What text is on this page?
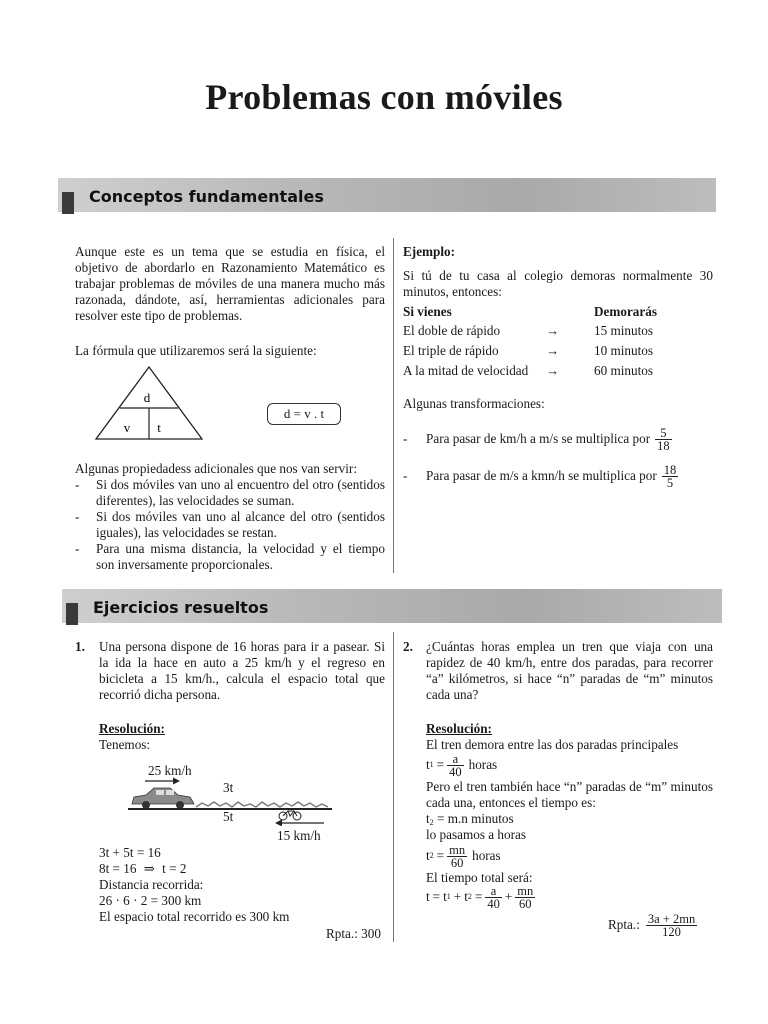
Problemas con móviles
Conceptos fundamentales
Aunque este es un tema que se estudia en física, el objetivo de abordarlo en Razonamiento Matemático es trabajar problemas de móviles de una manera mucho más razonada, dándote, así, herramientas adicionales para resolver este tipo de problemas.
La fórmula que utilizaremos será la siguiente:
d
v t
d = v . t
Algunas propiedadess adicionales que nos van servir:
- Si dos móviles van uno al encuentro del otro (sentidos diferentes), las velocidades se suman.
- Si dos móviles van uno al alcance del otro (sentidos iguales), las velocidades se restan.
- Para una misma distancia, la velocidad y el tiempo son inversamente proporcionales.
Ejemplo:
Si tú de tu casa al colegio demoras normalmente 30 minutos, entonces:
Si vienes	Demorarás
El doble de rápido	→	15 minutos
El triple de rápido	→	10 minutos
A la mitad de velocidad →	60 minutos
Algunas transformaciones:
-	Para pasar de km/h a m/s se multiplica por $\frac{5}{18}$
-	Para pasar de m/s a kmn/h se multiplica por $\frac{18}{5}$
Ejercicios resueltos
1. Una persona dispone de 16 horas para ir a pasear. Si la ida la hace en auto a 25 km/h y el regreso en bicicleta a 15 km/h., calcula el espacio total que recorrió dicha persona.
Resolución:
Tenemos:
25 km/h
3t
5t
15 km/h
3t + 5t = 16
8t = 16 ⇒ t = 2
Distancia recorrida:
26 · 6 · 2 = 300 km
El espacio total recorrido es 300 km
Rpta.: 300
2. ¿Cuántas horas emplea un tren que viaja con una rapidez de 40 km/h, entre dos paradas, para recorrer “a” kilómetros, si hace “n” paradas de “m” minutos cada una?
Resolución:
El tren demora entre las dos paradas principales
t $1 = \frac{a}{40}$ horas
Pero el tren también hace “n” paradas de “m” minutos cada una, entonces el tiempo es:
$t_2 = m.n$ minutos
lo pasamos a horas
t $2 = \frac{mn}{60}$ horas
El tiempo total será:
t = t 1 + t $2 = \frac{a}{40} + \frac{mn}{60}$
Rpta.: $\frac{3a + 2mn}{120}$
